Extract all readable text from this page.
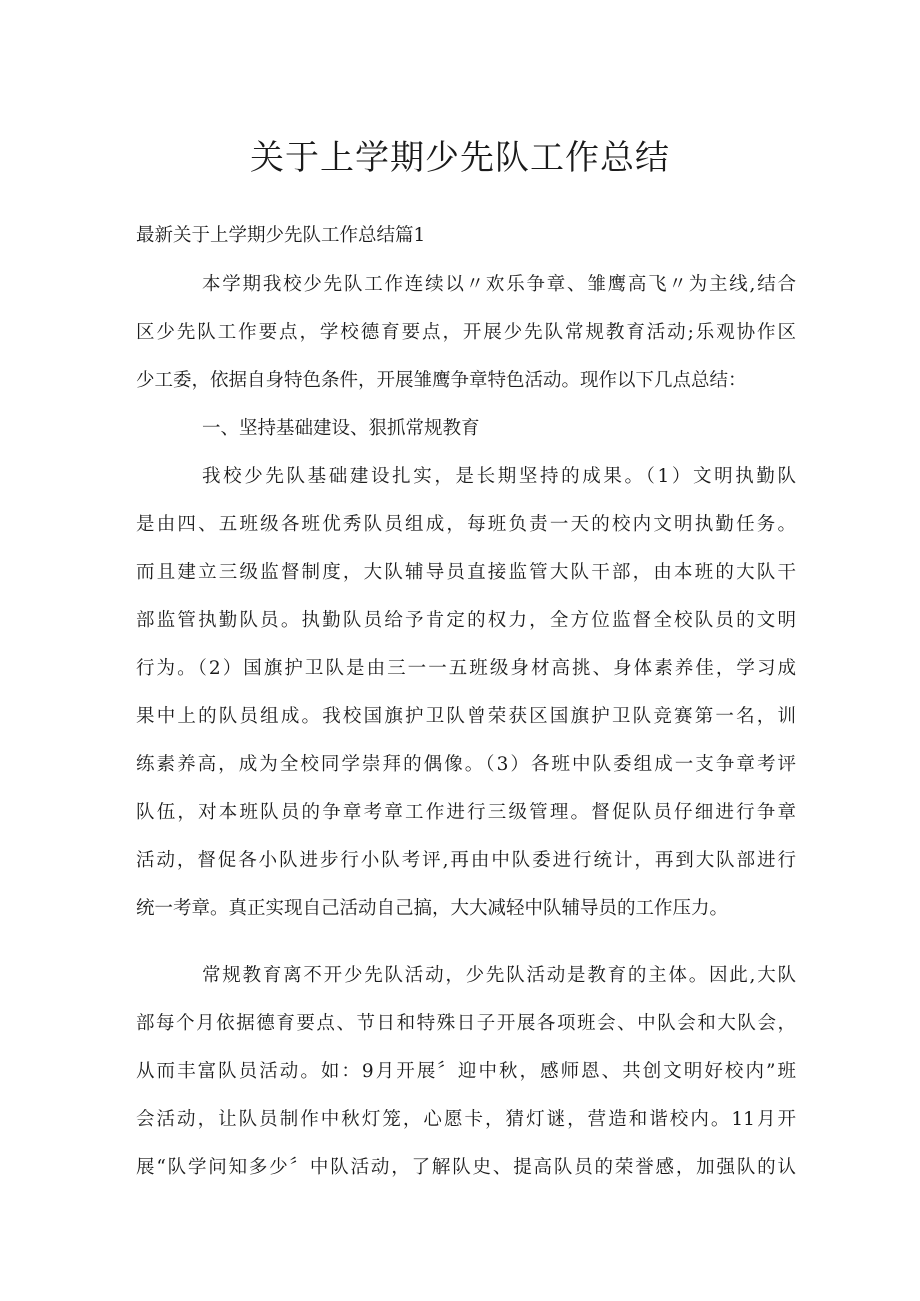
关于上学期少先队工作总结
最新关于上学期少先队工作总结篇1
本学期我校少先队工作连续以〃欢乐争章、雏鹰高飞〃为主线,结合
区少先队工作要点，学校德育要点，开展少先队常规教育活动;乐观协作区
少工委，依据自身特色条件，开展雏鹰争章特色活动。现作以下几点总结：
一、坚持基础建设、狠抓常规教育
我校少先队基础建设扎实，是长期坚持的成果。（1）文明执勤队
是由四、五班级各班优秀队员组成，每班负责一天的校内文明执勤任务。
而且建立三级监督制度，大队辅导员直接监管大队干部，由本班的大队干
部监管执勤队员。执勤队员给予肯定的权力，全方位监督全校队员的文明
行为。（2）国旗护卫队是由三一一五班级身材高挑、身体素养佳，学习成
果中上的队员组成。我校国旗护卫队曾荣获区国旗护卫队竞赛第一名，训
练素养高，成为全校同学崇拜的偶像。（3）各班中队委组成一支争章考评
队伍，对本班队员的争章考章工作进行三级管理。督促队员仔细进行争章
活动，督促各小队进步行小队考评,再由中队委进行统计，再到大队部进行
统一考章。真正实现自己活动自己搞，大大减轻中队辅导员的工作压力。
常规教育离不开少先队活动，少先队活动是教育的主体。因此,大队
部每个月依据德育要点、节日和特殊日子开展各项班会、中队会和大队会，
从而丰富队员活动。如：9月开展〞迎中秋，感师恩、共创文明好校内”班
会活动，让队员制作中秋灯笼，心愿卡，猜灯谜，营造和谐校内。11月开
展“队学问知多少〞中队活动，了解队史、提高队员的荣誉感，加强队的认
